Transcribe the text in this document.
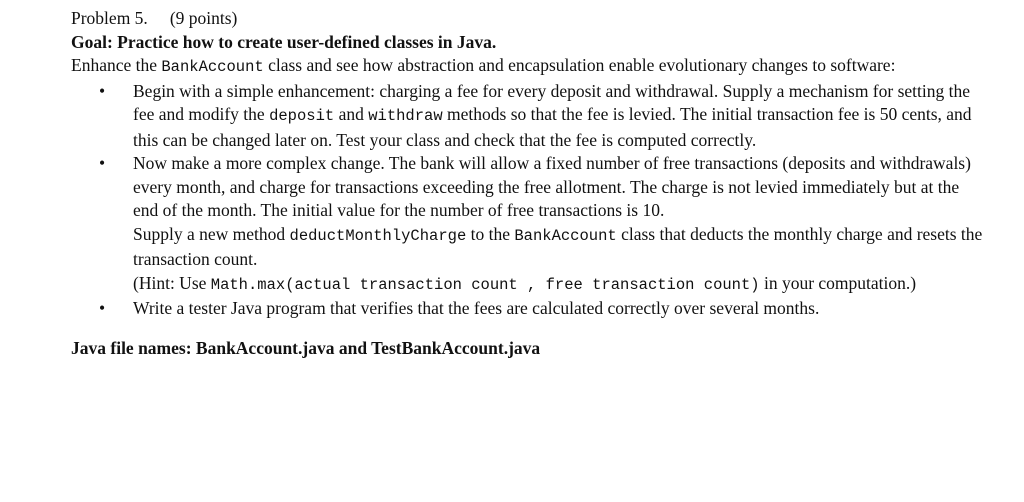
Problem 5. (9 points)
Goal: Practice how to create user-defined classes in Java.

Enhance the BankAccount class and see how abstraction and encapsulation enable evolutionary changes to software:

• Begin with a simple enhancement: charging a fee for every deposit and withdrawal. Supply a mechanism for setting the fee and modify the deposit and withdraw methods so that the fee is levied. The initial transaction fee is 50 cents, and this can be changed later on. Test your class and check that the fee is computed correctly.
• Now make a more complex change. The bank will allow a fixed number of free transactions (deposits and withdrawals) every month, and charge for transactions exceeding the free allotment. The charge is not levied immediately but at the end of the month. The initial value for the number of free transactions is 10.

Supply a new method deductMonthlyCharge to the BankAccount class that deducts the monthly charge and resets the transaction count.

(Hint: Use Math.max(actual transaction count , free transaction count) in your computation.)

• Write a tester Java program that verifies that the fees are calculated correctly over several months.
Java file names: BankAccount.java and TestBankAccount.java
